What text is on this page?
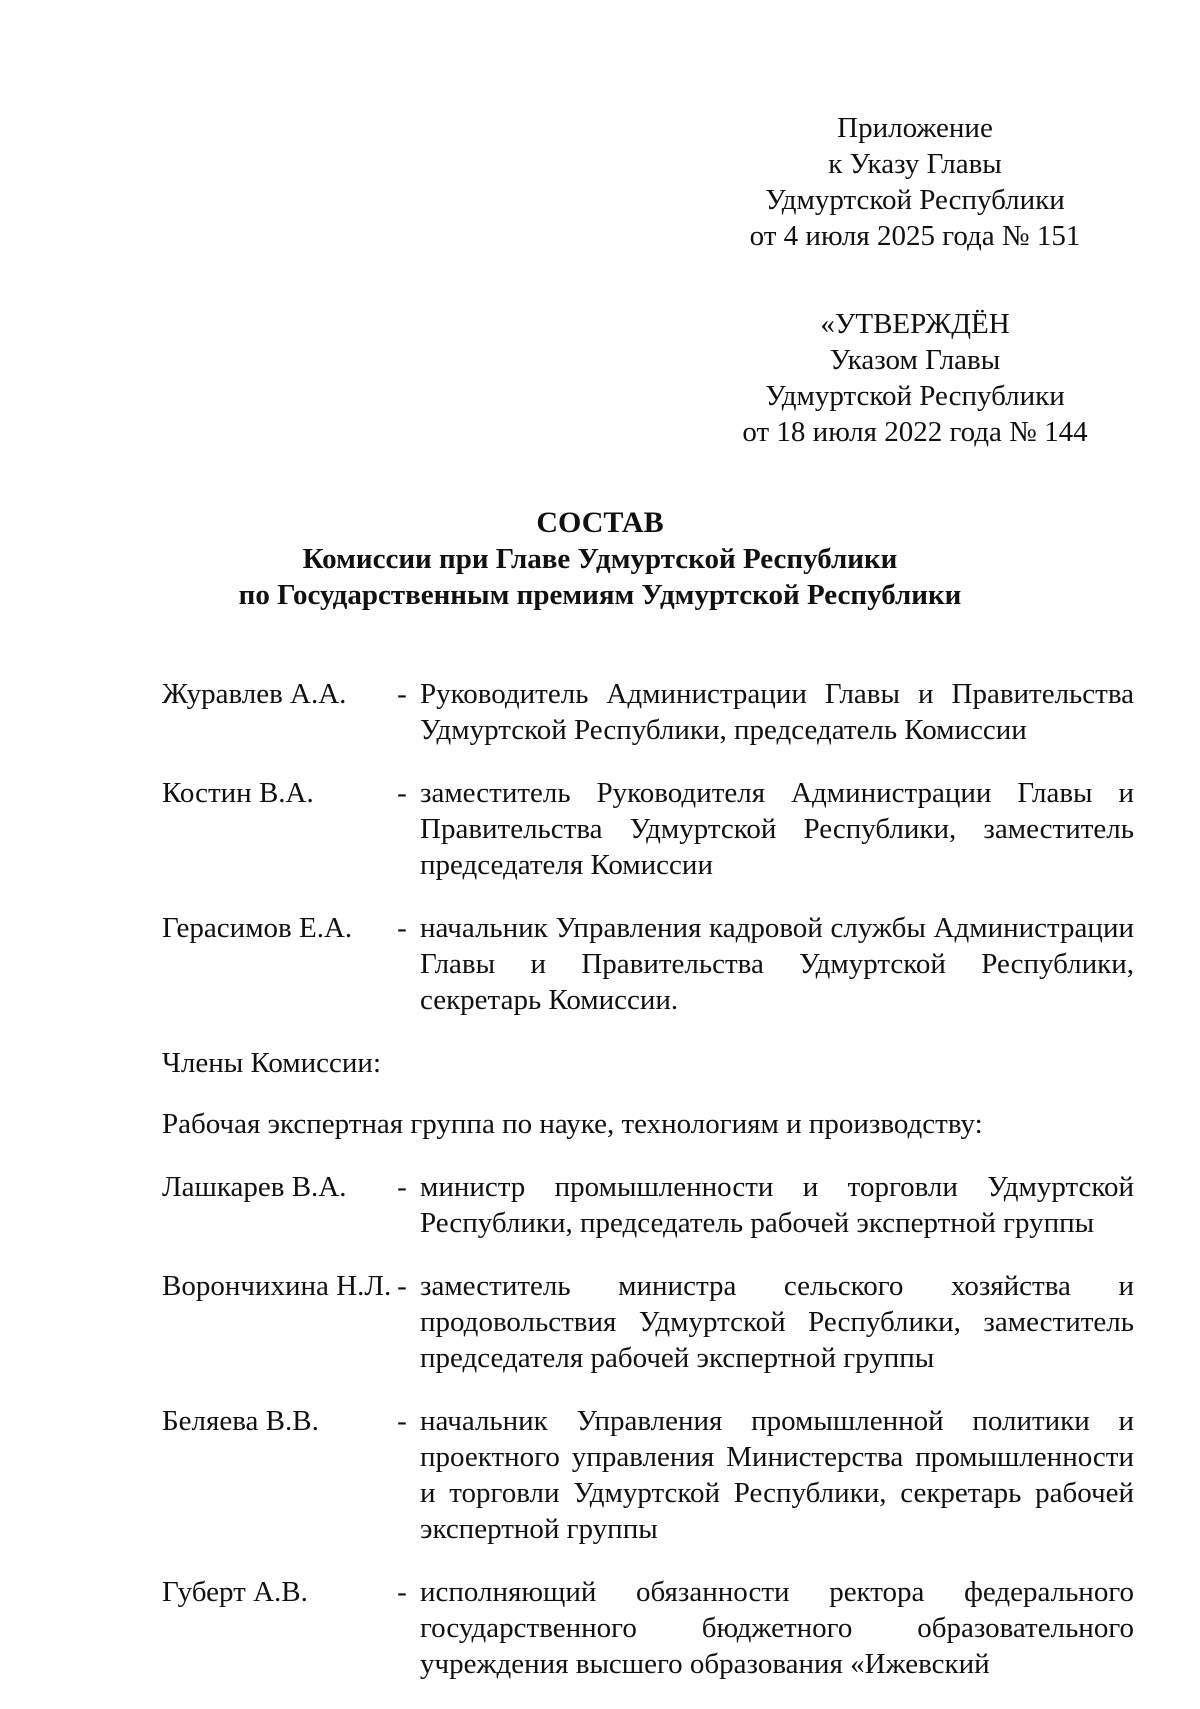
Приложение
к Указу Главы
Удмуртской Республики
от 4 июля 2025 года № 151
«УТВЕРЖДЁН
Указом Главы
Удмуртской Республики
от 18 июля 2022 года № 144
СОСТАВ
Комиссии при Главе Удмуртской Республики
по Государственным премиям Удмуртской Республики
Журавлев А.А.	- Руководитель Администрации Главы и Правительства Удмуртской Республики, председатель Комиссии
Костин В.А.	- заместитель Руководителя Администрации Главы и Правительства Удмуртской Республики, заместитель председателя Комиссии
Герасимов Е.А.	- начальник Управления кадровой службы Администрации Главы и Правительства Удмуртской Республики, секретарь Комиссии.
Члены Комиссии:
Рабочая экспертная группа по науке, технологиям и производству:
Лашкарев В.А.	- министр промышленности и торговли Удмуртской Республики, председатель рабочей экспертной группы
Ворончихина Н.Л. - заместитель министра сельского хозяйства и продовольствия Удмуртской Республики, заместитель председателя рабочей экспертной группы
Беляева В.В.	- начальник Управления промышленной политики и проектного управления Министерства промышленности и торговли Удмуртской Республики, секретарь рабочей экспертной группы
Губерт А.В.	- исполняющий обязанности ректора федерального государственного бюджетного образовательного учреждения высшего образования «Ижевский
